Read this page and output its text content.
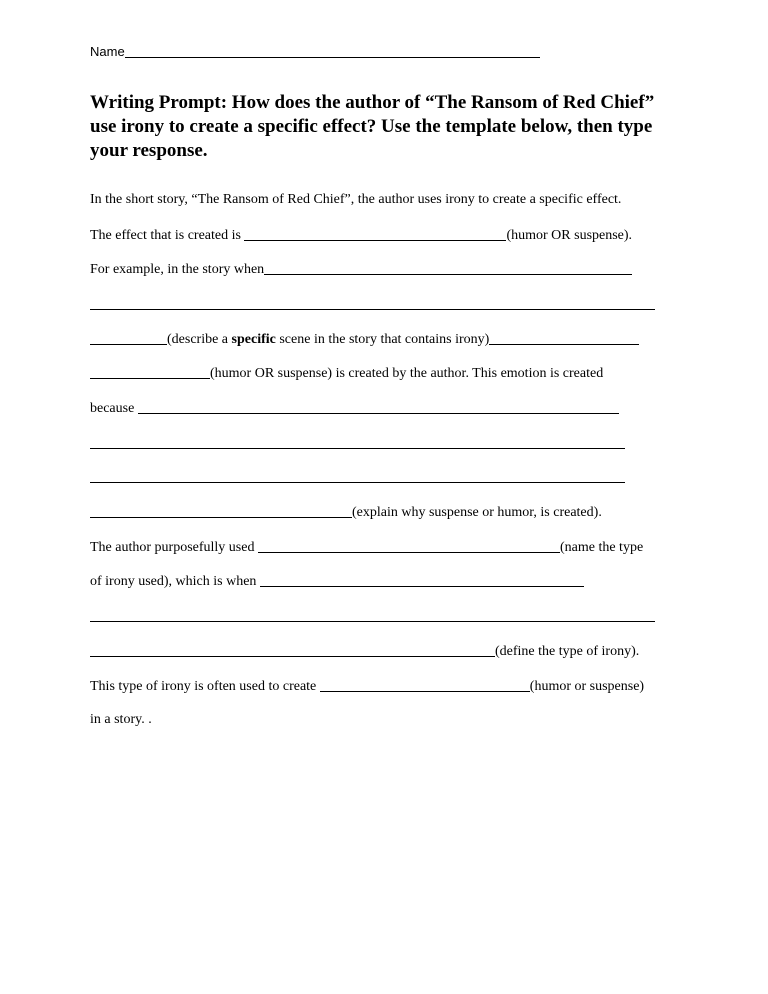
Name
Writing Prompt: How does the author of “The Ransom of Red Chief” use irony to create a specific effect? Use the template below, then type your response.
In the short story, “The Ransom of Red Chief”, the author uses irony to create a specific effect.
The effect that is created is	(humor OR suspense).
For example, in the story when
(describe a specific scene in the story that contains irony)
(humor OR suspense) is created by the author. This emotion is created
because
(explain why suspense or humor, is created).
The author purposefully used	(name the type
of irony used), which is when
(define the type of irony).
This type of irony is often used to create	(humor or suspense)
in a story. .
